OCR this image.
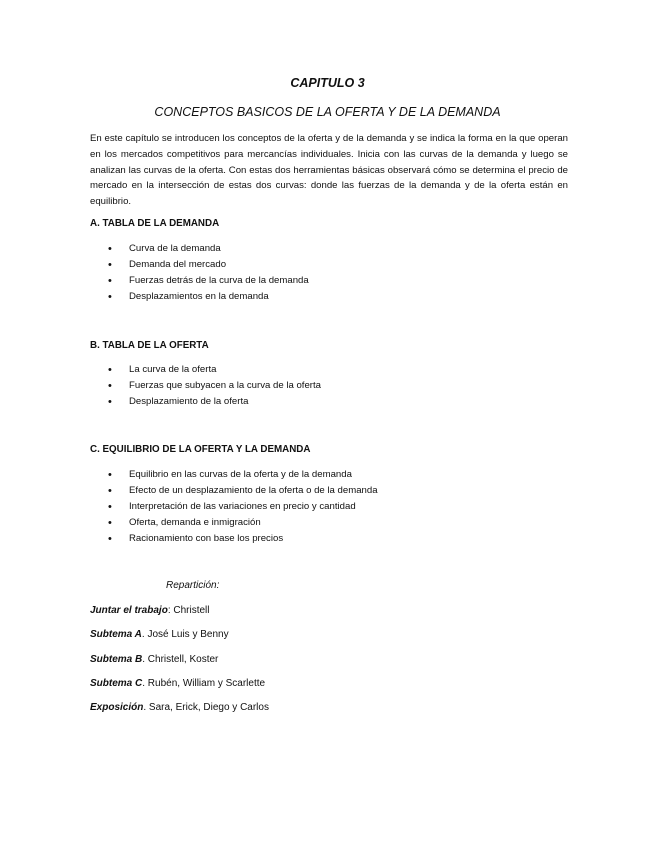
CAPITULO 3
CONCEPTOS BASICOS DE LA OFERTA Y DE LA DEMANDA

En este capítulo se introducen los conceptos de la oferta y de la demanda y se indica la forma en la que operan en los mercados competitivos para mercancías individuales. Inicia con las curvas de la demanda y luego se analizan las curvas de la oferta. Con estas dos herramientas básicas observará cómo se determina el precio de mercado en la intersección de estas dos curvas: donde las fuerzas de la demanda y de la oferta están en equilibrio.

A. TABLA DE LA DEMANDA

• Curva de la demanda
• Demanda del mercado
• Fuerzas detrás de la curva de la demanda
• Desplazamientos en la demanda

B. TABLA DE LA OFERTA

• La curva de la oferta
• Fuerzas que subyacen a la curva de la oferta
• Desplazamiento de la oferta

C. EQUILIBRIO DE LA OFERTA Y LA DEMANDA

• Equilibrio en las curvas de la oferta y de la demanda
• Efecto de un desplazamiento de la oferta o de la demanda
• Interpretación de las variaciones en precio y cantidad
• Oferta, demanda e inmigración
• Racionamiento con base los precios
Repartición:
Juntar el trabajo: Christell
Subtema A. José Luis y Benny
Subtema B. Christell, Koster
Subtema C. Rubén, William y Scarlette
Exposición. Sara, Erick, Diego y Carlos
